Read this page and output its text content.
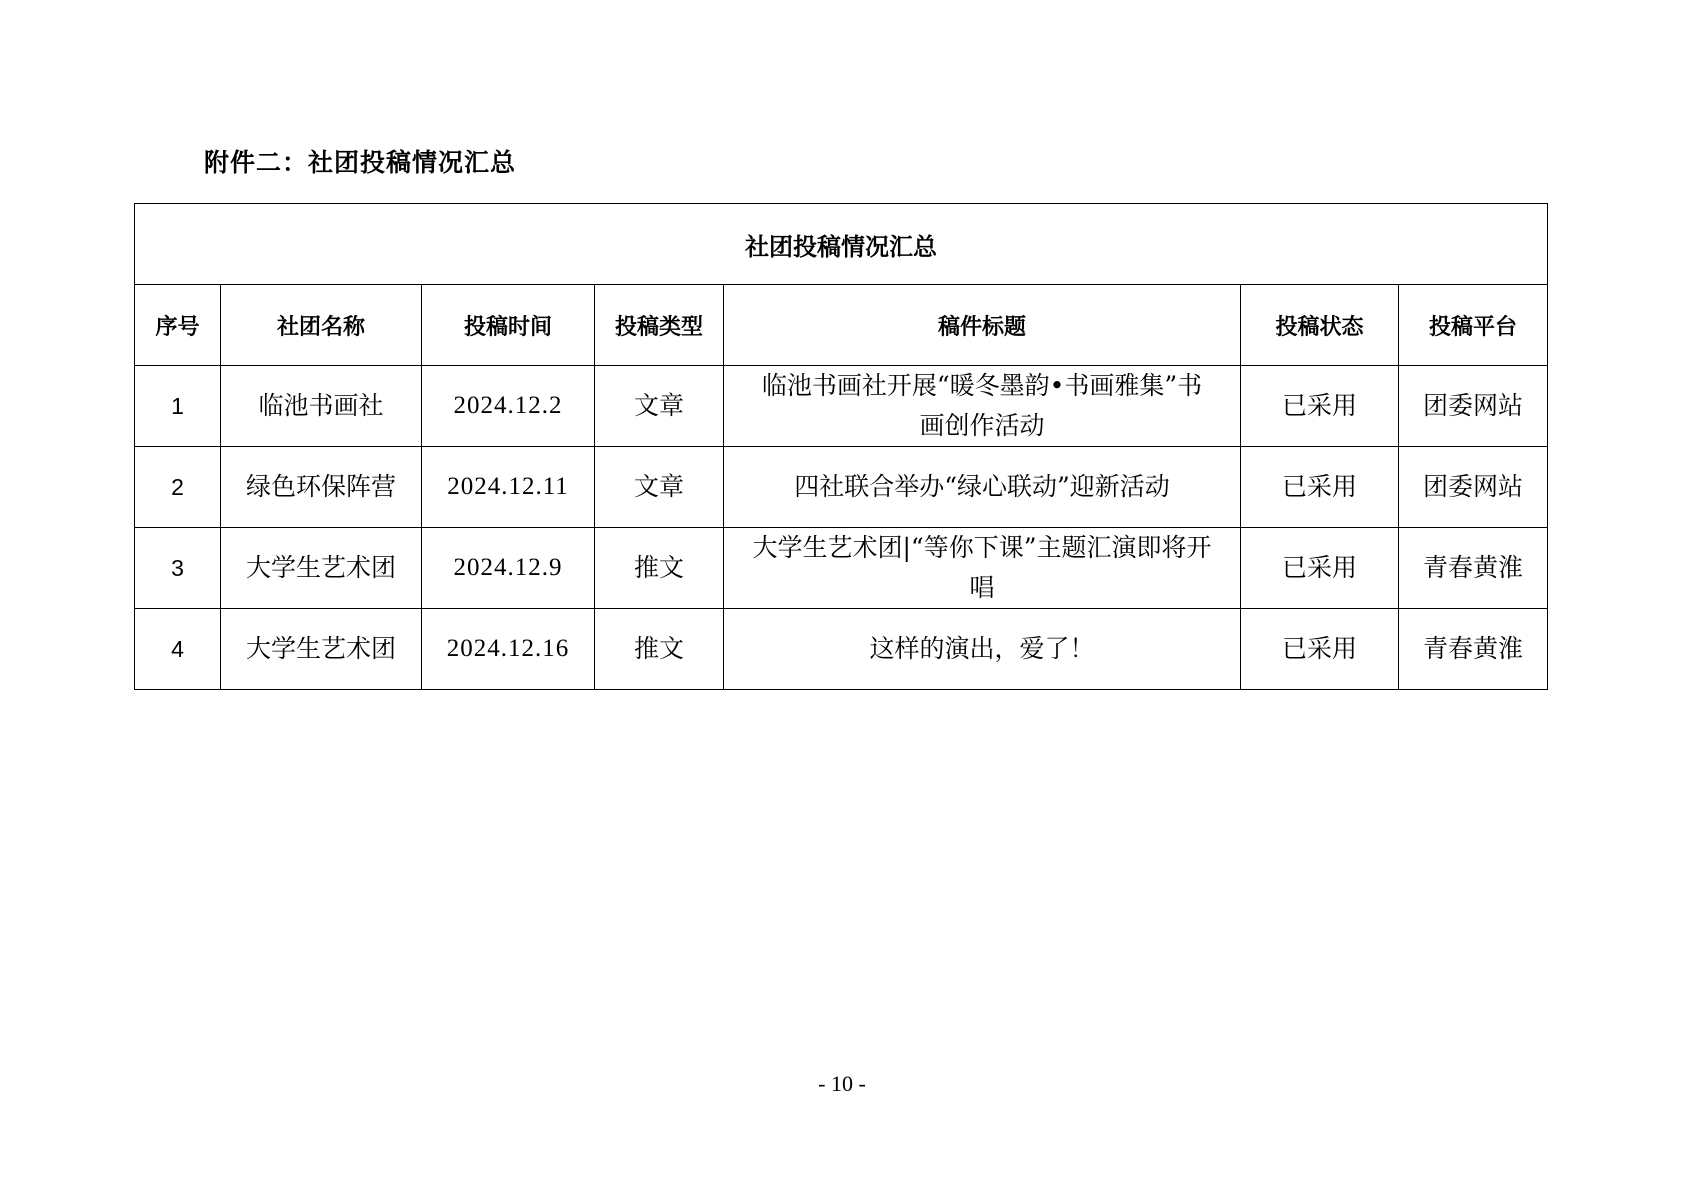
附件二：社团投稿情况汇总
社团投稿情况汇总						
序号	社团名称	投稿时间	投稿类型	稿件标题	投稿状态	投稿平台
1	临池书画社	2024.12.2	文章	临池书画社开展“暖冬墨韵•书画雅集”书画创作活动	已采用	团委网站
2	绿色环保阵营	2024.12.11	文章	四社联合举办“绿心联动”迎新活动	已采用	团委网站
3	大学生艺术团	2024.12.9	推文	大学生艺术团|“等你下课”主题汇演即将开唱	已采用	青春黄淮
4	大学生艺术团	2024.12.16	推文	这样的演出，爱了！	已采用	青春黄淮
- 10 -
